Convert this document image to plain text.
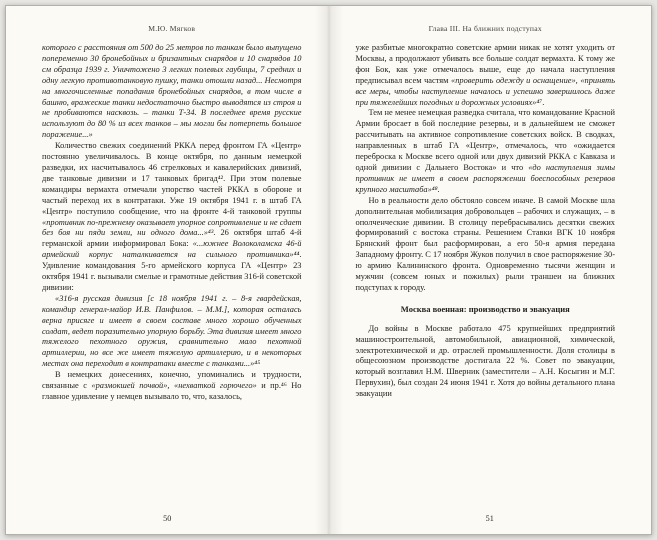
М.Ю. Мягков

которого с расстояния от 500 до 25 метров по танкам было выпущено попеременно 30 бронебойных и бризантных снарядов и 10 снарядов 10 см образца 1939 г. Уничтожено 3 легких полевых гаубицы, 7 средних и одну легкую противотанковую пушку, танки отошли назад... Несмотря на многочисленные попадания бронебойных снарядов, в том числе в башню, вражеские танки недостаточно быстро выводятся из строя и не пробиваются насквозь. – танки Т-34. В последнее время русские используют до 80 % из всех танков – мы могли бы потерпеть большое поражение...»

Количество свежих соединений РККА перед фронтом ГА «Центр» постоянно увеличивалось. В конце октября, по данным немецкой разведки, их насчитывалось 46 стрелковых и кавалерийских дивизий, две танковые дивизии и 17 танковых бригад⁴². При этом полевые командиры вермахта отмечали упорство частей РККА в обороне и частый переход их в контратаки. Уже 19 октября 1941 г. в штаб ГА «Центр» поступило сообщение, что на фронте 4-й танковой группы «противник по-прежнему оказывает упорное сопротивление и не сдает без боя ни пяди земли, ни одного дома...»⁴³. 26 октября штаб 4-й германской армии информировал Бока: «...южнее Волоколамска 46-й армейский корпус наталкивается на сильного противника»⁴⁴. Удивление командования 5-го армейского корпуса ГА «Центр» 23 октября 1941 г. вызывали смелые и грамотные действия 316-й советской дивизии:

«316-я русская дивизия [с 18 ноября 1941 г. – 8-я гвардейская, командир генерал-майор И.В. Панфилов. – М.М.], которая осталась верна присяге и имеет в своем составе много хорошо обученных солдат, ведет поразительно упорную борьбу. Эта дивизия имеет много тяжелого пехотного оружия, сравнительно мало пехотной артиллерии, но все же имеет тяжелую артиллерию, и в некоторых местах она переходит в контратаки вместе с танками...»⁴⁵

В немецких донесениях, конечно, упоминались и трудности, связанные с «размокшей почвой», «нехваткой горючего» и пр.⁴⁶ Но главное удивление у немцев вызывало то, что, казалось,

50
Глава III. На ближних подступах

уже разбитые многократно советские армии никак не хотят уходить от Москвы, а продолжают убивать все больше солдат вермахта. К тому же фон Бок, как уже отмечалось выше, еще до начала наступления предписывал всем частям «проверить одежду и оснащение», «принять все меры, чтобы наступление началось и успешно завершилось даже при тяжелейших погодных и дорожных условиях»⁴⁷.

Тем не менее немецкая разведка считала, что командование Красной Армии бросает в бой последние резервы, и в дальнейшем не сможет рассчитывать на активное сопротивление советских войск. В сводках, направленных в штаб ГА «Центр», отмечалось, что «ожидается переброска к Москве всего одной или двух дивизий РККА с Кавказа и одной дивизии с Дальнего Востока» и что «до наступления зимы противник не имеет в своем распоряжении боеспособных резервов крупного масштаба»⁴⁸.

Но в реальности дело обстояло совсем иначе. В самой Москве шла дополнительная мобилизация добровольцев – рабочих и служащих, – в ополченческие дивизии. В столицу перебрасывались десятки свежих формирований с востока страны. Решением Ставки ВГК 10 ноября Брянский фронт был расформирован, а его 50-я армия передана Западному фронту. С 17 ноября Жуков получил в свое распоряжение 30-ю армию Калининского фронта. Одновременно тысячи женщин и мужчин (совсем юных и пожилых) рыли траншеи на ближних подступах к городу.

Москва военная: производство и эвакуация

До войны в Москве работало 475 крупнейших предприятий машиностроительной, автомобильной, авиационной, химической, электротехнической и др. отраслей промышленности. Доля столицы в общесоюзном производстве достигала 22 %. Совет по эвакуации, который возглавил Н.М. Шверник (заместители – А.Н. Косыгин и М.Г. Первухин), был создан 24 июня 1941 г. Хотя до войны детального плана эвакуации

51
